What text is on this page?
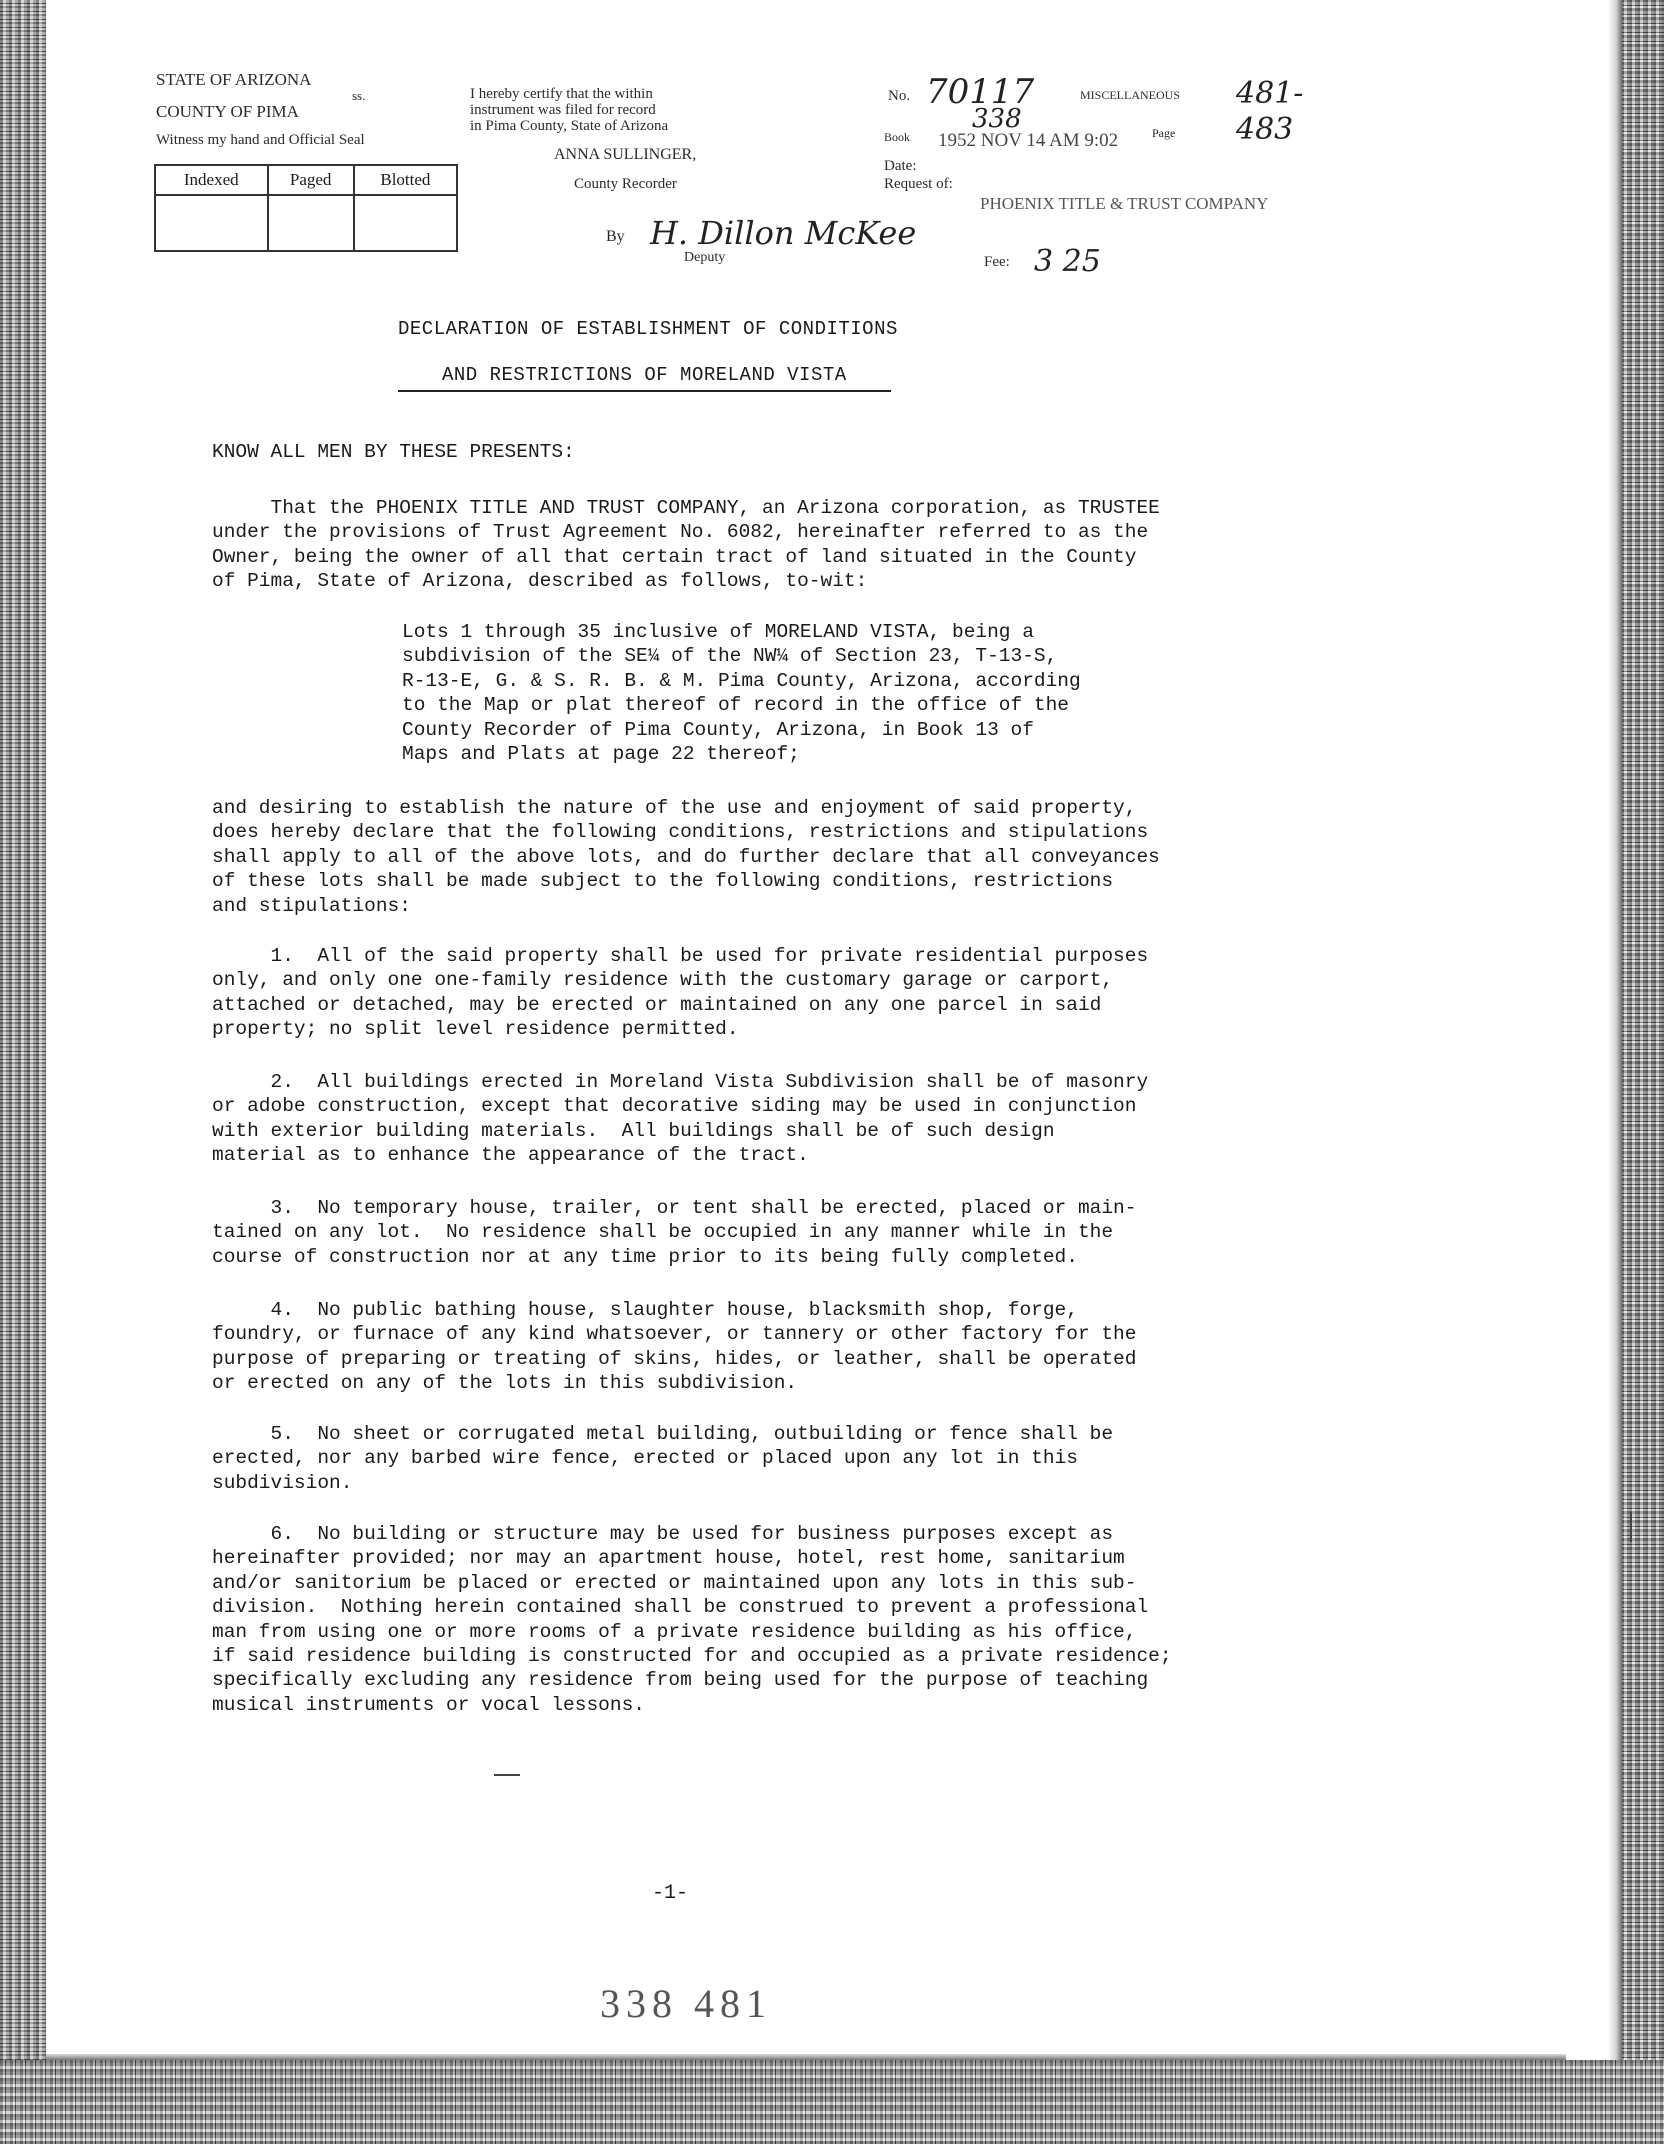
STATE OF ARIZONA
COUNTY OF PIMA
ss.
Witness my hand and Official Seal
Indexed	Paged	Blotted

I hereby certify that the within
instrument was filed for record
in Pima County, State of Arizona
ANNA SULLINGER,
County Recorder
By H. Dillon McKee
Deputy
No. 70117	MISCELLANEOUS 481-
Book
338
1952 NOV 14 AM 9:02	Page 483
Date:
Request of:
PHOENIX TITLE & TRUST COMPANY
Fee: 3 25
DECLARATION OF ESTABLISHMENT OF CONDITIONS
AND RESTRICTIONS OF MORELAND VISTA

KNOW ALL MEN BY THESE PRESENTS:

That the PHOENIX TITLE AND TRUST COMPANY, an Arizona corporation, as TRUSTEE
under the provisions of Trust Agreement No. 6082, hereinafter referred to as the
Owner, being the owner of all that certain tract of land situated in the County
of Pima, State of Arizona, described as follows, to-wit:

Lots 1 through 35 inclusive of MORELAND VISTA, being a
subdivision of the SE¼ of the NW¼ of Section 23, T-13-S,
R-13-E, G. & S. R. B. & M. Pima County, Arizona, according
to the Map or plat thereof of record in the office of the
County Recorder of Pima County, Arizona, in Book 13 of
Maps and Plats at page 22 thereof;

and desiring to establish the nature of the use and enjoyment of said property,
does hereby declare that the following conditions, restrictions and stipulations
shall apply to all of the above lots, and do further declare that all conveyances
of these lots shall be made subject to the following conditions, restrictions
and stipulations:

1.  All of the said property shall be used for private residential purposes
only, and only one one-family residence with the customary garage or carport,
attached or detached, may be erected or maintained on any one parcel in said
property; no split level residence permitted.

2.  All buildings erected in Moreland Vista Subdivision shall be of masonry
or adobe construction, except that decorative siding may be used in conjunction
with exterior building materials.  All buildings shall be of such design
material as to enhance the appearance of the tract.

3.  No temporary house, trailer, or tent shall be erected, placed or main-
tained on any lot.  No residence shall be occupied in any manner while in the
course of construction nor at any time prior to its being fully completed.

4.  No public bathing house, slaughter house, blacksmith shop, forge,
foundry, or furnace of any kind whatsoever, or tannery or other factory for the
purpose of preparing or treating of skins, hides, or leather, shall be operated
or erected on any of the lots in this subdivision.

5.  No sheet or corrugated metal building, outbuilding or fence shall be
erected, nor any barbed wire fence, erected or placed upon any lot in this
subdivision.

6.  No building or structure may be used for business purposes except as
hereinafter provided; nor may an apartment house, hotel, rest home, sanitarium
and/or sanitorium be placed or erected or maintained upon any lots in this sub-
division.  Nothing herein contained shall be construed to prevent a professional
man from using one or more rooms of a private residence building as his office,
if said residence building is constructed for and occupied as a private residence;
specifically excluding any residence from being used for the purpose of teaching
musical instruments or vocal lessons.

-1-
338 481
